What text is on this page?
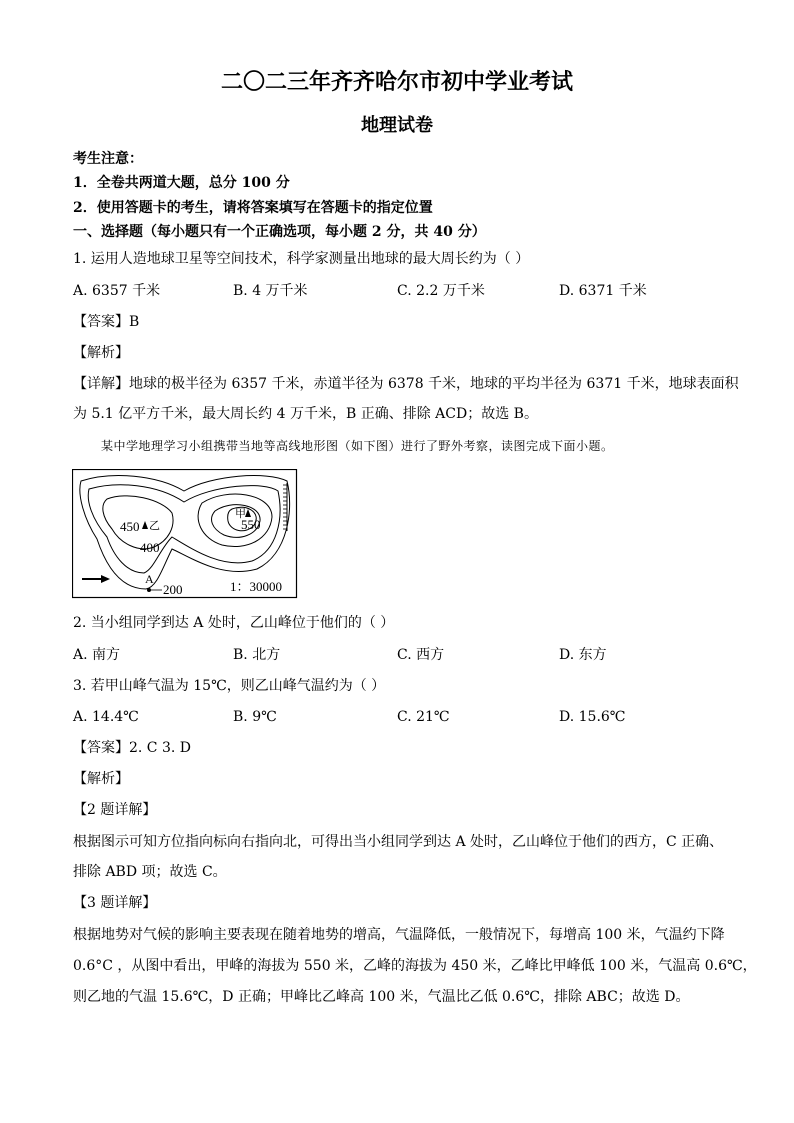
二〇二三年齐齐哈尔市初中学业考试
地理试卷
考生注意：
1．全卷共两道大题，总分 100 分
2．使用答题卡的考生，请将答案填写在答题卡的指定位置
一、选择题（每小题只有一个正确选项，每小题 2 分，共 40 分）
1. 运用人造地球卫星等空间技术，科学家测量出地球的最大周长约为（ ）
A. 6357 千米	B. 4 万千米	C. 2.2 万千米	D. 6371 千米
【答案】B
【解析】
【详解】地球的极半径为 6357 千米，赤道半径为 6378 千米，地球的平均半径为 6371 千米，地球表面积
为 5.1 亿平方千米，最大周长约 4 万千米，B 正确、排除 ACD；故选 B。
某中学地理学习小组携带当地等高线地形图（如下图）进行了野外考察，读图完成下面小题。
450 乙
400
甲
550
A
200	1：30000
2. 当小组同学到达 A 处时，乙山峰位于他们的（ ）
A. 南方	B. 北方	C. 西方	D. 东方
3. 若甲山峰气温为 15℃，则乙山峰气温约为（ ）
A. 14.4℃	B. 9℃	C. 21℃	D. 15.6℃
【答案】2. C 3. D
【解析】
【2 题详解】
根据图示可知方位指向标向右指向北，可得出当小组同学到达 A 处时，乙山峰位于他们的西方，C 正确、
排除 ABD 项；故选 C。
【3 题详解】
根据地势对气候的影响主要表现在随着地势的增高，气温降低，一般情况下，每增高 100 米，气温约下降
0.6°C ，从图中看出，甲峰的海拔为 550 米，乙峰的海拔为 450 米，乙峰比甲峰低 100 米，气温高 0.6℃，
则乙地的气温 15.6℃，D 正确；甲峰比乙峰高 100 米，气温比乙低 0.6℃，排除 ABC；故选 D。
